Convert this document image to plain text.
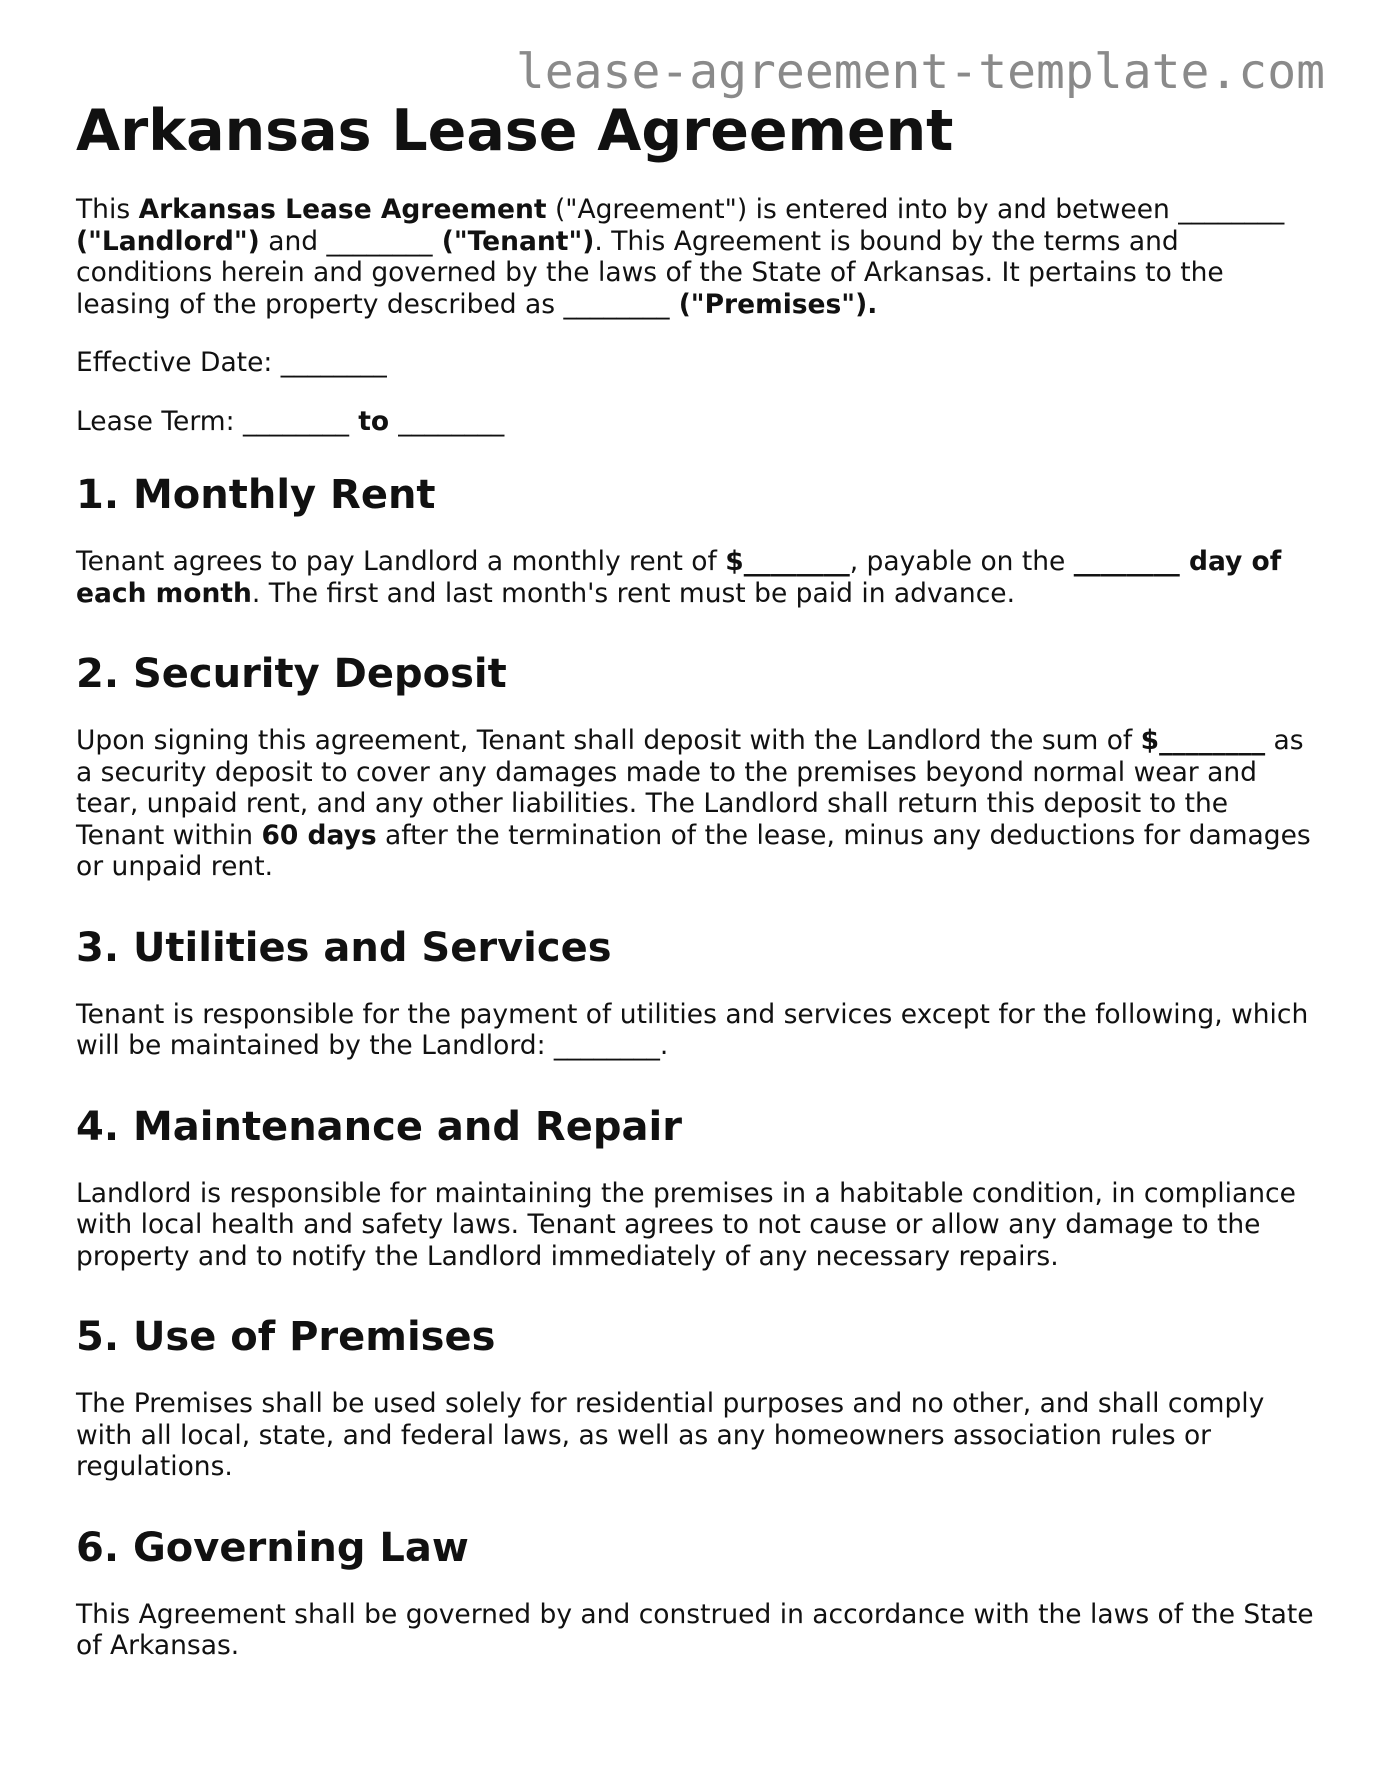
lease-agreement-template.com
Arkansas Lease Agreement

This Arkansas Lease Agreement ("Agreement") is entered into by and between ________ ("Landlord") and ________ ("Tenant"). This Agreement is bound by the terms and conditions herein and governed by the laws of the State of Arkansas. It pertains to the leasing of the property described as ________ ("Premises").

Effective Date: ________

Lease Term: ________ to ________

1. Monthly Rent

Tenant agrees to pay Landlord a monthly rent of $________, payable on the ________ day of each month. The first and last month's rent must be paid in advance.

2. Security Deposit

Upon signing this agreement, Tenant shall deposit with the Landlord the sum of $________ as a security deposit to cover any damages made to the premises beyond normal wear and tear, unpaid rent, and any other liabilities. The Landlord shall return this deposit to the Tenant within 60 days after the termination of the lease, minus any deductions for damages or unpaid rent.

3. Utilities and Services

Tenant is responsible for the payment of utilities and services except for the following, which will be maintained by the Landlord: ________.

4. Maintenance and Repair

Landlord is responsible for maintaining the premises in a habitable condition, in compliance with local health and safety laws. Tenant agrees to not cause or allow any damage to the property and to notify the Landlord immediately of any necessary repairs.

5. Use of Premises

The Premises shall be used solely for residential purposes and no other, and shall comply with all local, state, and federal laws, as well as any homeowners association rules or regulations.

6. Governing Law

This Agreement shall be governed by and construed in accordance with the laws of the State of Arkansas.
